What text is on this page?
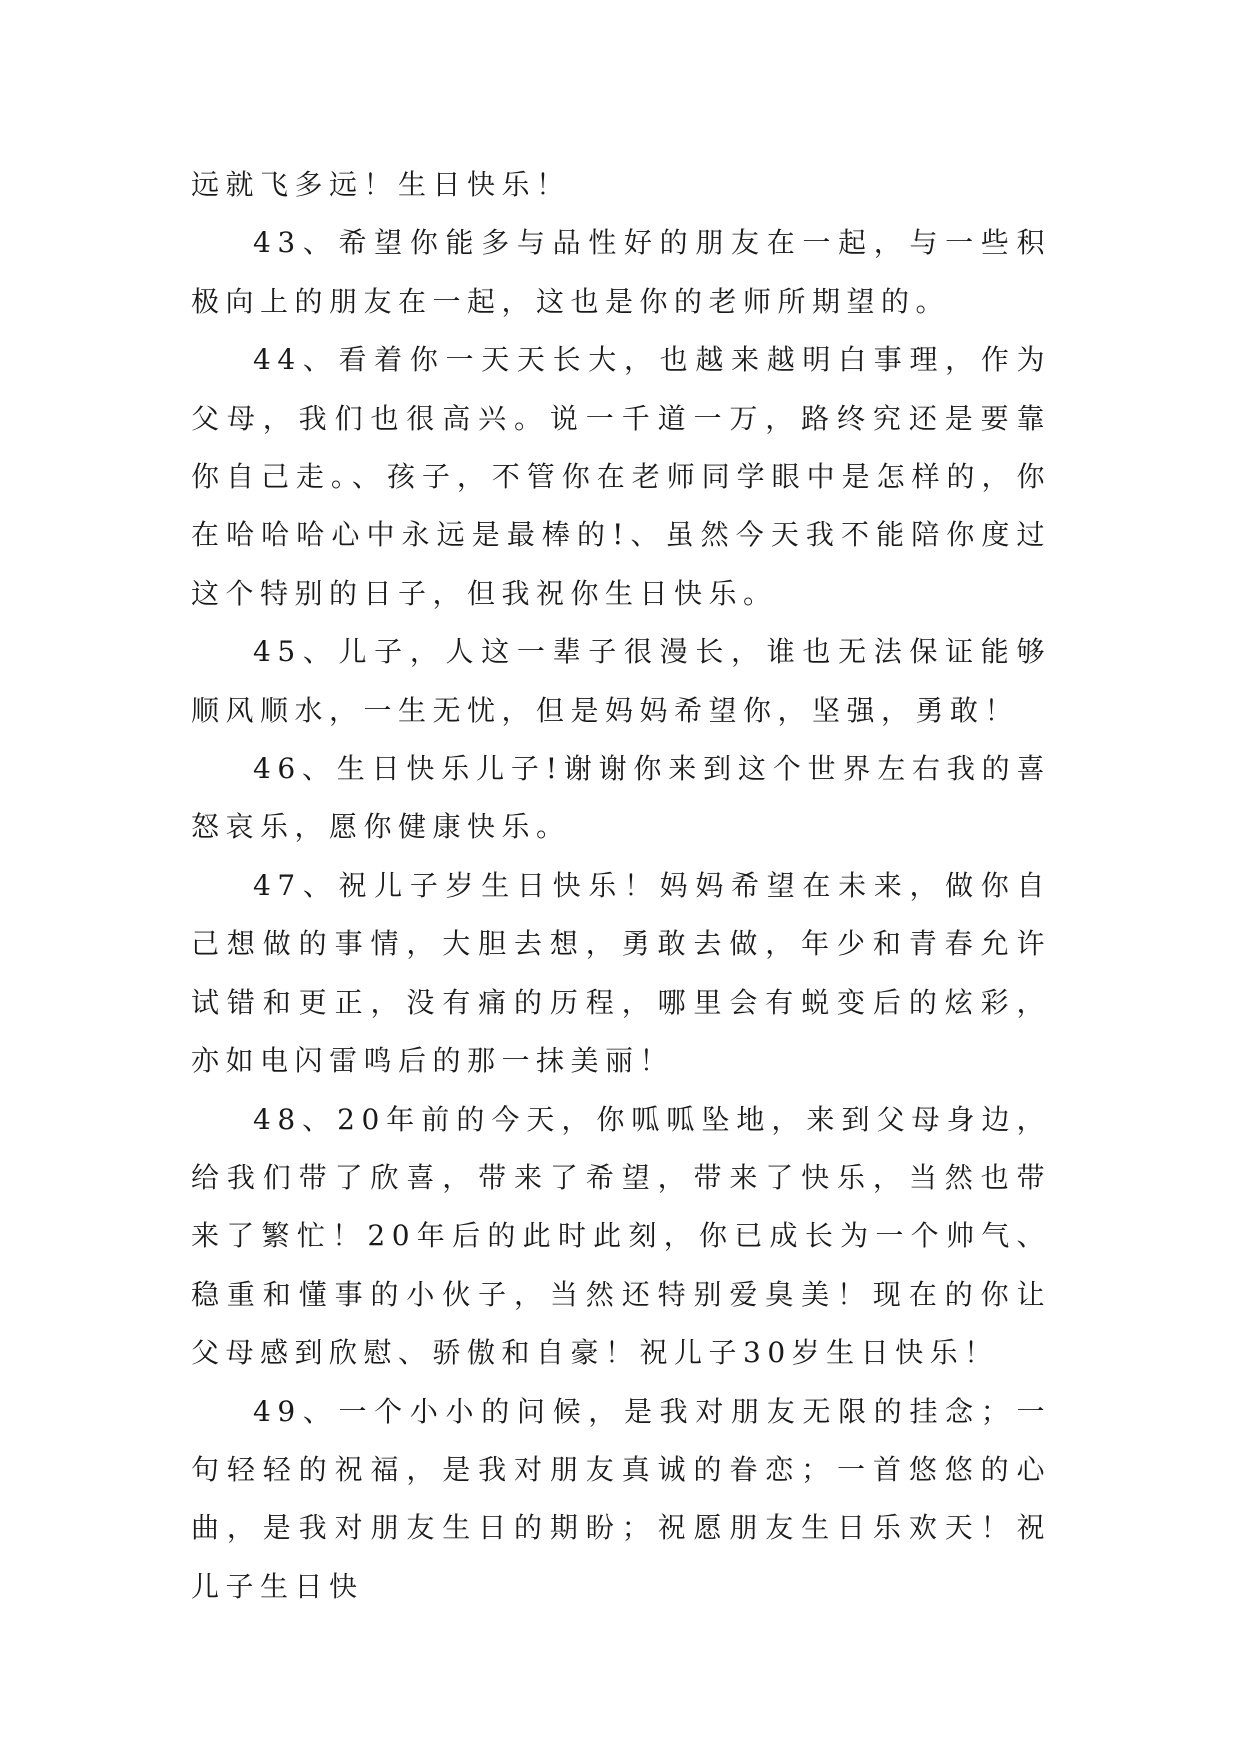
远就飞多远！生日快乐！

43、希望你能多与品性好的朋友在一起，与一些积极向上的朋友在一起，这也是你的老师所期望的。

44、看着你一天天长大，也越来越明白事理，作为父母，我们也很高兴。说一千道一万，路终究还是要靠你自己走。、孩子，不管你在老师同学眼中是怎样的，你在哈哈哈心中永远是最棒的!、虽然今天我不能陪你度过这个特别的日子，但我祝你生日快乐。

45、儿子，人这一辈子很漫长，谁也无法保证能够顺风顺水，一生无忧，但是妈妈希望你，坚强，勇敢！

46、生日快乐儿子!谢谢你来到这个世界左右我的喜怒哀乐，愿你健康快乐。

47、祝儿子岁生日快乐！妈妈希望在未来，做你自己想做的事情，大胆去想，勇敢去做，年少和青春允许试错和更正，没有痛的历程，哪里会有蜕变后的炫彩，亦如电闪雷鸣后的那一抹美丽！

48、20年前的今天，你呱呱坠地，来到父母身边，给我们带了欣喜，带来了希望，带来了快乐，当然也带来了繁忙！20年后的此时此刻，你已成长为一个帅气、稳重和懂事的小伙子，当然还特别爱臭美！现在的你让父母感到欣慰、骄傲和自豪！祝儿子30岁生日快乐！

49、一个小小的问候，是我对朋友无限的挂念；一句轻轻的祝福，是我对朋友真诚的眷恋；一首悠悠的心曲，是我对朋友生日的期盼；祝愿朋友生日乐欢天！祝儿子生日快
